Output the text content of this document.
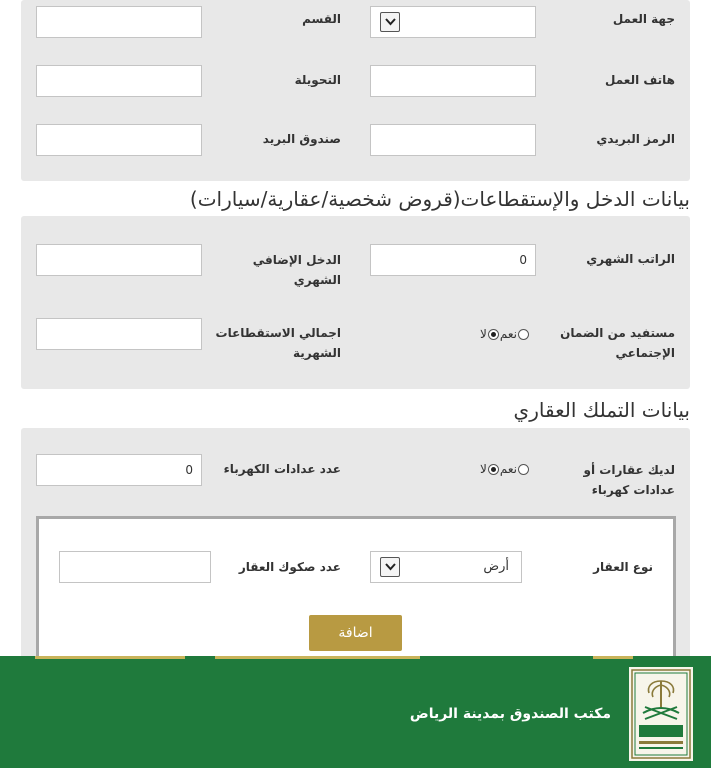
جهة العمل
القسم
هاتف العمل
التحويلة
الرمز البريدي
صندوق البريد
بيانات الدخل والإستقطاعات(قروض شخصية/عقارية/سيارات)
الراتب الشهري
0
الدخل الإضافي
الشهري
مستفيد من الضمان
الإجتماعي
نعم
لا
اجمالي الاستقطاعات
الشهرية
بيانات التملك العقاري
لديك عقارات أو
عدادات كهرباء
نعم
لا
عدد عدادات الكهرباء
0
نوع العقار
أرض
عدد صكوك العقار
اضافة
مكتب الصندوق بمدينة الرياض
